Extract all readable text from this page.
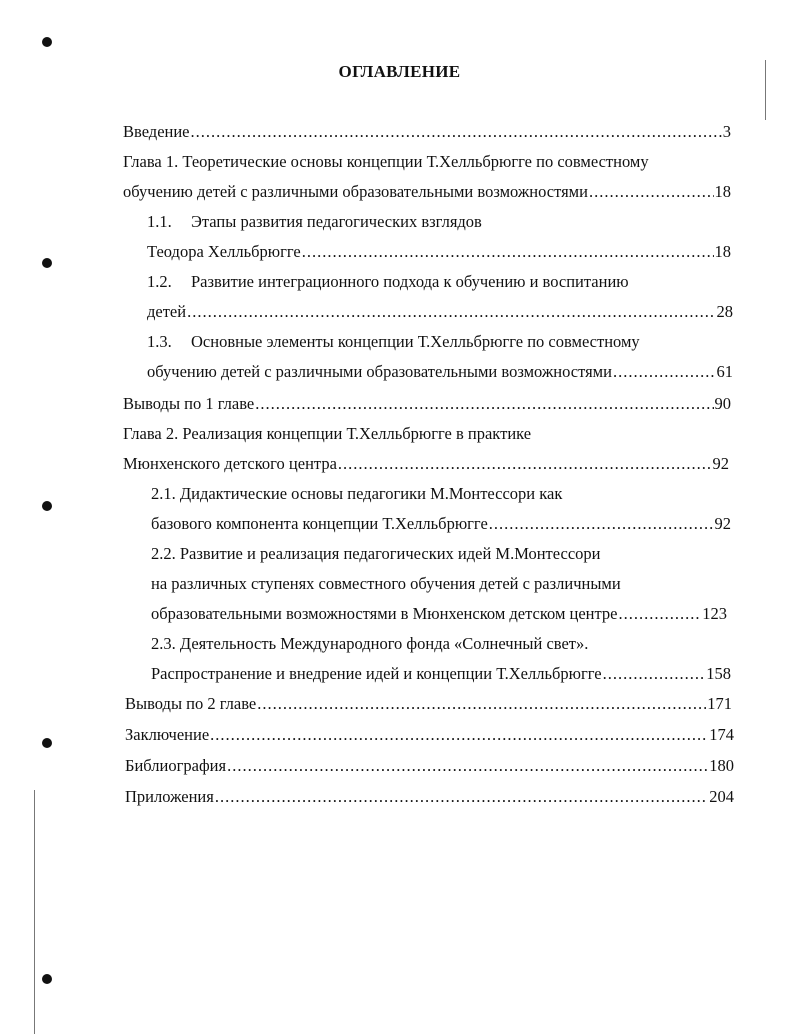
ОГЛАВЛЕНИЕ
Введение .....	3
Глава 1. Теоретические основы концепции Т.Хелльбрюгге по совместному
обучению детей с различными образовательными возможностями .....	18
1.1. Этапы развития педагогических взглядов
Теодора Хелльбрюгге .....	18
1.2. Развитие интеграционного подхода к обучению и воспитанию
детей .....	28
1.3. Основные элементы концепции Т.Хелльбрюгге по совместному
обучению детей с различными образовательными возможностями .....	61
Выводы по 1 главе .....	90
Глава 2. Реализация концепции Т.Хелльбрюгге в практике
Мюнхенского детского центра .....	92
2.1. Дидактические основы педагогики М.Монтессори как
базового компонента концепции Т.Хелльбрюгге .....	92
2.2. Развитие и реализация педагогических идей М.Монтессори
на различных ступенях совместного обучения детей с различными
образовательными возможностями в Мюнхенском детском центре .....	123
2.3. Деятельность Международного фонда «Солнечный свет».
Распространение и внедрение идей и концепции Т.Хелльбрюгге .....	158
Выводы по 2 главе .....	171
Заключение .....	174
Библиография .....	180
Приложения .....	204
